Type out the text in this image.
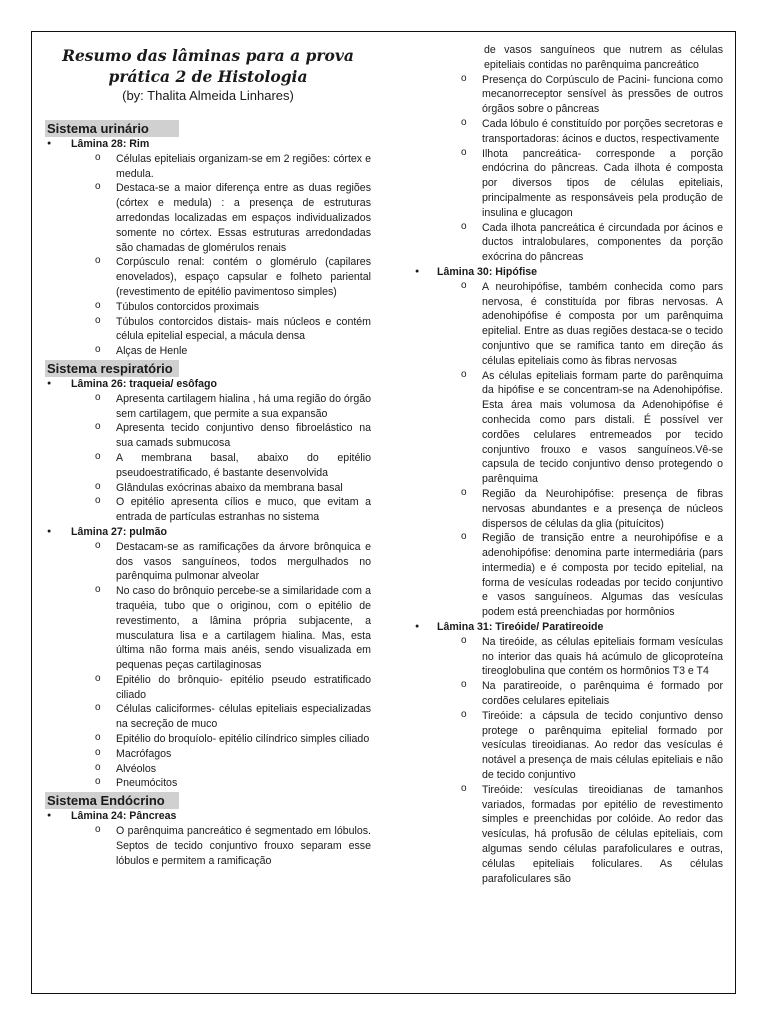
Resumo das lâminas para a prova
prática 2 de Histologia
(by: Thalita Almeida Linhares)
Sistema urinário
● Lâmina 28: Rim
o Células epiteliais organizam-se em 2 regiões: córtex e medula.
o Destaca-se a maior diferença entre as duas regiões (córtex e medula) : a presença de estruturas arredondas localizadas em espaços individualizados somente no córtex. Essas estruturas arredondadas são chamadas de glomérulos renais
o Corpúsculo renal: contém o glomérulo (capilares enovelados), espaço capsular e folheto pariental (revestimento de epitélio pavimentoso simples)
o Túbulos contorcidos proximais
o Túbulos contorcidos distais- mais núcleos e contém célula epitelial especial, a mácula densa
o Alças de Henle
Sistema respiratório
● Lâmina 26: traqueia/ esôfago
o Apresenta cartilagem hialina , há uma região do órgão sem cartilagem, que permite a sua expansão
o Apresenta tecido conjuntivo denso fibroelástico na sua camads submucosa
o A membrana basal, abaixo do epitélio pseudoestratificado, é bastante desenvolvida
o Glândulas exócrinas abaixo da membrana basal
o O epitélio apresenta cílios e muco, que evitam a entrada de partículas estranhas no sistema
● Lâmina 27: pulmão
o Destacam-se as ramificações da árvore brônquica e dos vasos sanguíneos, todos mergulhados no parênquima pulmonar alveolar
o No caso do brônquio percebe-se a similaridade com a traquéia, tubo que o originou, com o epitélio de revestimento, a lâmina própria subjacente, a musculatura lisa e a cartilagem hialina. Mas, esta última não forma mais anéis, sendo visualizada em pequenas peças cartilaginosas
o Epitélio do brônquio- epitélio pseudo estratificado ciliado
o Células caliciformes- células epiteliais especializadas na secreção de muco
o Epitélio do broquíolo- epitélio cilíndrico simples ciliado
o Macrófagos
o Alvéolos
o Pneumócitos
Sistema Endócrino
● Lâmina 24: Pâncreas
o O parênquima pancreático é segmentado em lóbulos. Septos de tecido conjuntivo frouxo separam esse lóbulos e permitem a ramificação
de vasos sanguíneos que nutrem as células epiteliais contidas no parênquima pancreático
o Presença do Corpúsculo de Pacini- funciona como mecanorreceptor sensível às pressões de outros órgãos sobre o pâncreas
o Cada lóbulo é constituído por porções secretoras e transportadoras: ácinos e ductos, respectivamente
o Ilhota pancreática- corresponde a porção endócrina do pâncreas. Cada ilhota é composta por diversos tipos de células epiteliais, principalmente as responsáveis pela produção de insulina e glucagon
o Cada ilhota pancreática é circundada por ácinos e ductos intralobulares, componentes da porção exócrina do pâncreas
● Lâmina 30: Hipófise
o A neurohipófise, também conhecida como pars nervosa, é constituída por fibras nervosas. A adenohipófise é composta por um parênquima epitelial. Entre as duas regiões destaca-se o tecido conjuntivo que se ramifica tanto em direção ás células epiteliais como às fibras nervosas
o As células epiteliais formam parte do parênquima da hipófise e se concentram-se na Adenohipófise. Esta área mais volumosa da Adenohipófise é conhecida como pars distali. É possível ver cordões celulares entremeados por tecido conjuntivo frouxo e vasos sanguíneos.Vê-se capsula de tecido conjuntivo denso protegendo o parênquima
o Região da Neurohipófise: presença de fibras nervosas abundantes e a presença de núcleos dispersos de células da glia (pituícitos)
o Região de transição entre a neurohipófise e a adenohipófise: denomina parte intermediária (pars intermedia) e é composta por tecido epitelial, na forma de vesículas rodeadas por tecido conjuntivo e vasos sanguíneos. Algumas das vesículas podem está preenchiadas por hormônios
● Lâmina 31: Tireóide/ Paratireoide
o Na tireóide, as células epiteliais formam vesículas no interior das quais há acúmulo de glicoproteína tireoglobulina que contém os hormônios T3 e T4
o Na paratireoide, o parênquima é formado por cordões celulares epiteliais
o Tireóide: a cápsula de tecido conjuntivo denso protege o parênquima epitelial formado por vesículas tireoidianas. Ao redor das vesículas é notável a presença de mais células epiteliais e não de tecido conjuntivo
o Tireóide: vesículas tireoidianas de tamanhos variados, formadas por epitélio de revestimento simples e preenchidas por colóide. Ao redor das vesículas, há profusão de células epiteliais, com algumas sendo células parafoliculares e outras, células epiteliais foliculares. As células parafoliculares são
